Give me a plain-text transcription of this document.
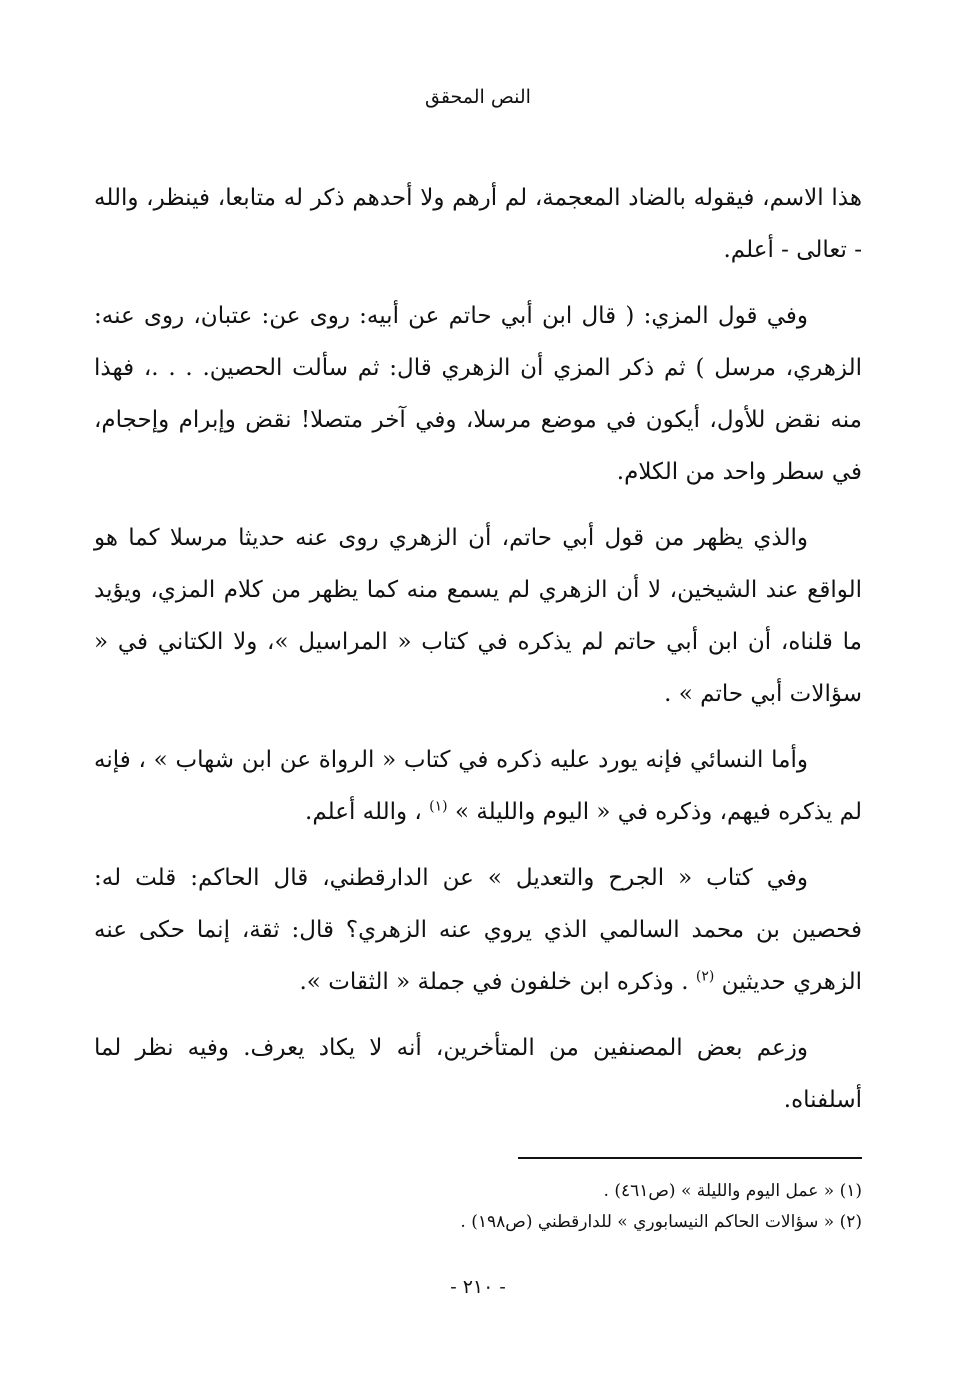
النص المحقق

هذا الاسم، فيقوله بالضاد المعجمة، لم أرهم ولا أحدهم ذكر له متابعا، فينظر، والله - تعالى - أعلم.

وفي قول المزي: ( قال ابن أبي حاتم عن أبيه: روى عن: عتبان، روى عنه: الزهري، مرسل ) ثم ذكر المزي أن الزهري قال: ثم سألت الحصين. . . .، فهذا منه نقض للأول، أيكون في موضع مرسلا، وفي آخر متصلا! نقض وإبرام وإحجام، في سطر واحد من الكلام.

والذي يظهر من قول أبي حاتم، أن الزهري روى عنه حديثا مرسلا كما هو الواقع عند الشيخين، لا أن الزهري لم يسمع منه كما يظهر من كلام المزي، ويؤيد ما قلناه، أن ابن أبي حاتم لم يذكره في كتاب « المراسيل »، ولا الكتاني في « سؤالات أبي حاتم » .

وأما النسائي فإنه يورد عليه ذكره في كتاب « الرواة عن ابن شهاب » ، فإنه لم يذكره فيهم، وذكره في « اليوم والليلة » $^{(١)}$ ، والله أعلم.

وفي كتاب « الجرح والتعديل » عن الدارقطني، قال الحاكم: قلت له: فحصين بن محمد السالمي الذي يروي عنه الزهري؟ قال: ثقة، إنما حكى عنه الزهري حديثين $^{(٢)}$ . وذكره ابن خلفون في جملة « الثقات ».

وزعم بعض المصنفين من المتأخرين، أنه لا يكاد يعرف. وفيه نظر لما أسلفناه.

(١) « عمل اليوم والليلة » (ص٤٦١) .
(٢) « سؤالات الحاكم النيسابوري » للدارقطني (ص١٩٨) .
- ٢١٠ -
